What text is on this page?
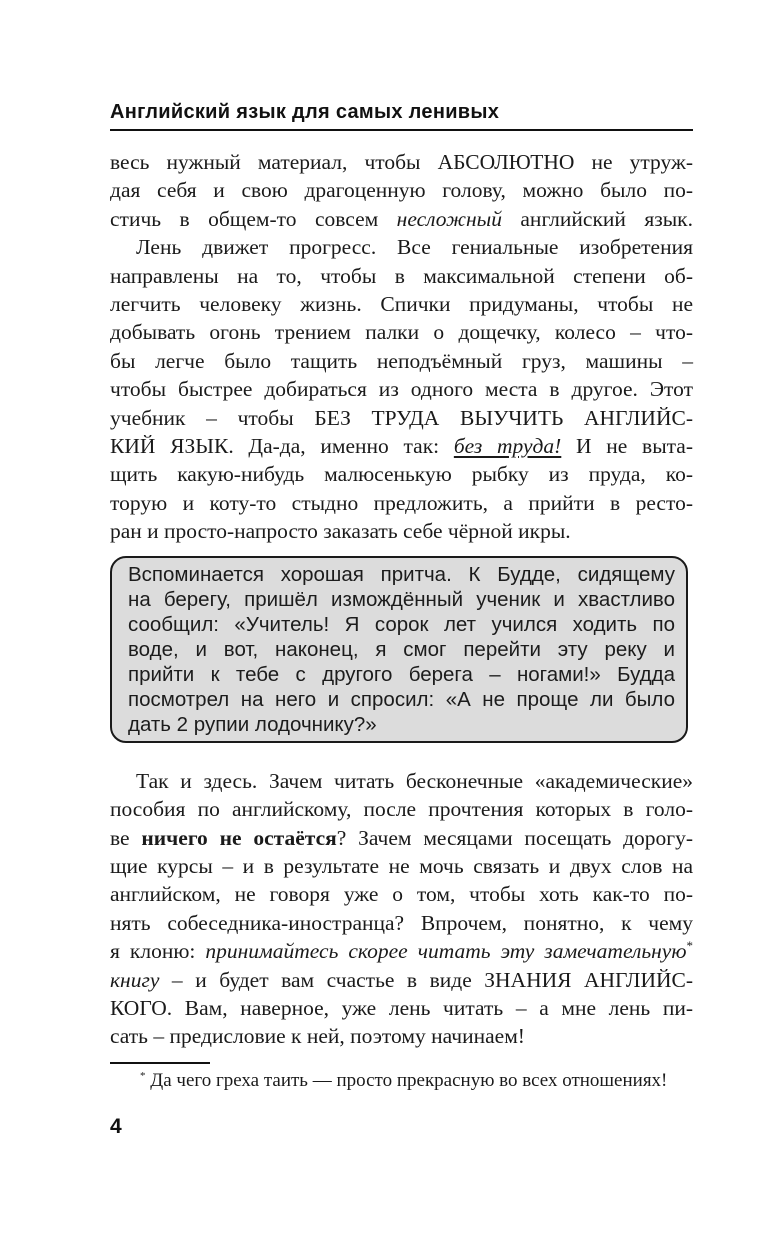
Английский язык для самых ленивых
весь нужный материал, чтобы АБСОЛЮТНО не утруж-
дая себя и свою драгоценную голову, можно было по-
стичь в общем-то совсем несложный английский язык.
Лень движет прогресс. Все гениальные изобретения
направлены на то, чтобы в максимальной степени об-
легчить человеку жизнь. Спички придуманы, чтобы не
добывать огонь трением палки о дощечку, колесо – что-
бы легче было тащить неподъёмный груз, машины –
чтобы быстрее добираться из одного места в другое. Этот
учебник – чтобы БЕЗ ТРУДА ВЫУЧИТЬ АНГЛИЙС-
КИЙ ЯЗЫК. Да-да, именно так: без труда! И не выта-
щить какую-нибудь малюсенькую рыбку из пруда, ко-
торую и коту-то стыдно предложить, а прийти в ресто-
ран и просто-напросто заказать себе чёрной икры.
Вспоминается хорошая притча. К Будде, сидящему
на берегу, пришёл измождённый ученик и хвастливо
сообщил: «Учитель! Я сорок лет учился ходить по
воде, и вот, наконец, я смог перейти эту реку и
прийти к тебе с другого берега – ногами!» Будда
посмотрел на него и спросил: «А не проще ли было
дать 2 рупии лодочнику?»
Так и здесь. Зачем читать бесконечные «академические»
пособия по английскому, после прочтения которых в голо-
ве ничего не остаётся? Зачем месяцами посещать дорогу-
щие курсы – и в результате не мочь связать и двух слов на
английском, не говоря уже о том, чтобы хоть как-то по-
нять собеседника-иностранца? Впрочем, понятно, к чему
я клоню: принимайтесь скорее читать эту замечательную*
книгу – и будет вам счастье в виде ЗНАНИЯ АНГЛИЙС-
КОГО. Вам, наверное, уже лень читать – а мне лень пи-
сать – предисловие к ней, поэтому начинаем!
* Да чего греха таить — просто прекрасную во всех отношениях!
4
